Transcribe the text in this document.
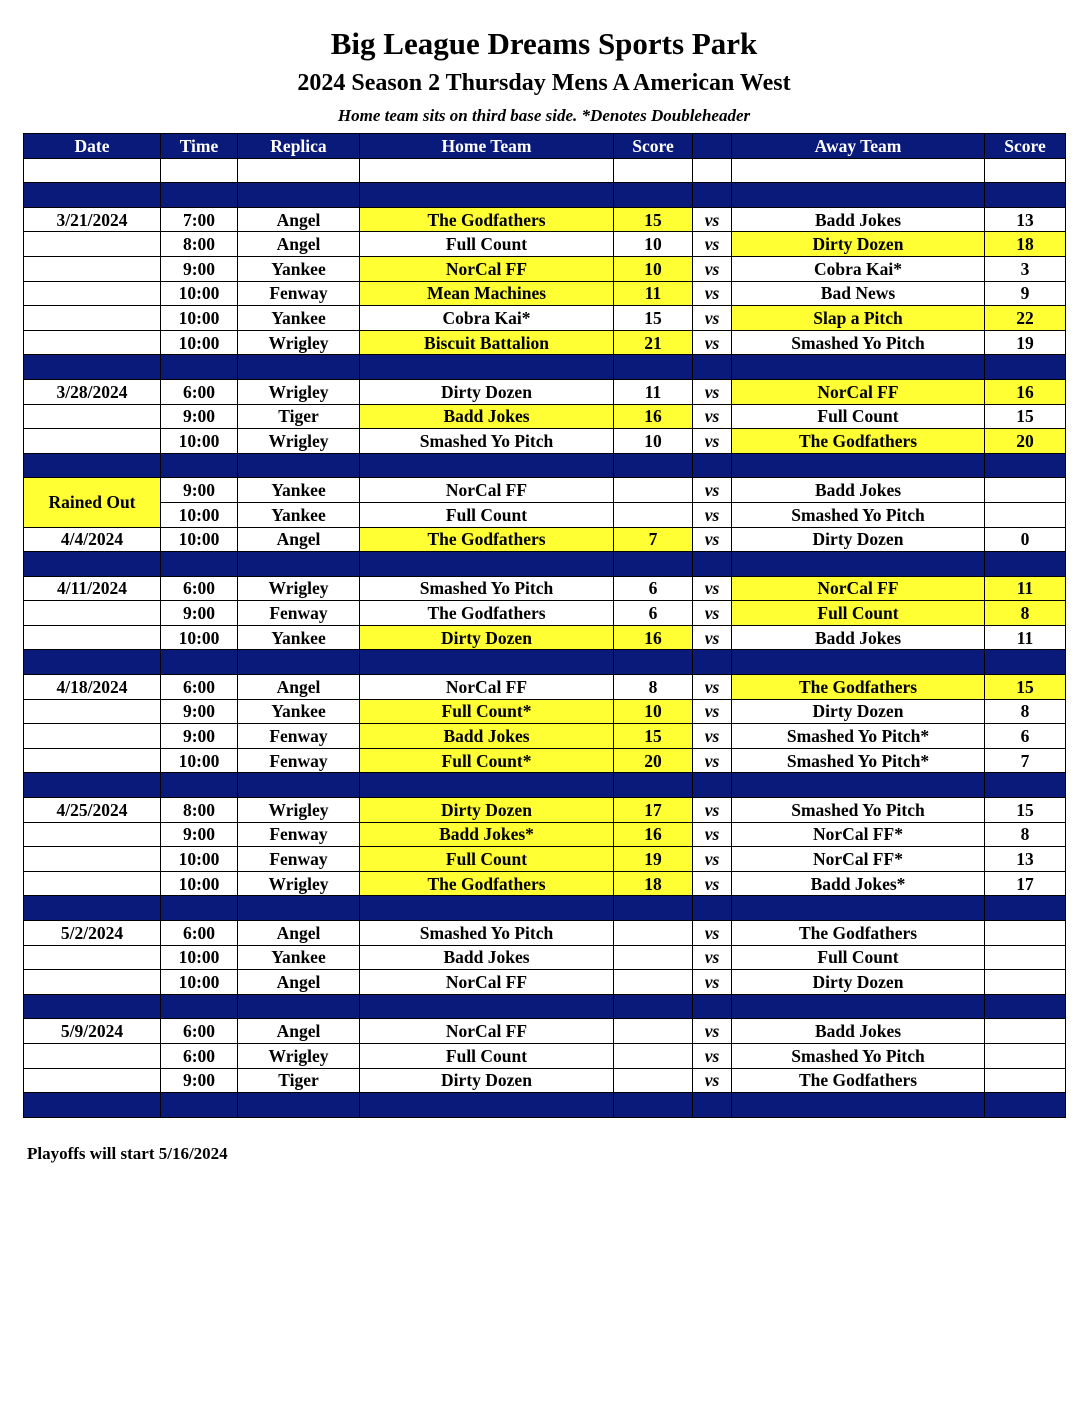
Big League Dreams Sports Park
2024 Season 2 Thursday Mens A American West
Home team sits on third base side. *Denotes Doubleheader
Date	Time	Replica	Home Team	Score		Away Team	Score

3/21/2024	7:00	Angel	The Godfathers	15	vs	Badd Jokes	13
	8:00	Angel	Full Count	10	vs	Dirty Dozen	18
	9:00	Yankee	NorCal FF	10	vs	Cobra Kai*	3
	10:00	Fenway	Mean Machines	11	vs	Bad News	9
	10:00	Yankee	Cobra Kai*	15	vs	Slap a Pitch	22
	10:00	Wrigley	Biscuit Battalion	21	vs	Smashed Yo Pitch	19

3/28/2024	6:00	Wrigley	Dirty Dozen	11	vs	NorCal FF	16
	9:00	Tiger	Badd Jokes	16	vs	Full Count	15
	10:00	Wrigley	Smashed Yo Pitch	10	vs	The Godfathers	20

Rained Out	9:00	Yankee	NorCal FF		vs	Badd Jokes	
	10:00	Yankee	Full Count		vs	Smashed Yo Pitch	
4/4/2024	10:00	Angel	The Godfathers	7	vs	Dirty Dozen	0

4/11/2024	6:00	Wrigley	Smashed Yo Pitch	6	vs	NorCal FF	11
	9:00	Fenway	The Godfathers	6	vs	Full Count	8
	10:00	Yankee	Dirty Dozen	16	vs	Badd Jokes	11

4/18/2024	6:00	Angel	NorCal FF	8	vs	The Godfathers	15
	9:00	Yankee	Full Count*	10	vs	Dirty Dozen	8
	9:00	Fenway	Badd Jokes	15	vs	Smashed Yo Pitch*	6
	10:00	Fenway	Full Count*	20	vs	Smashed Yo Pitch*	7

4/25/2024	8:00	Wrigley	Dirty Dozen	17	vs	Smashed Yo Pitch	15
	9:00	Fenway	Badd Jokes*	16	vs	NorCal FF*	8
	10:00	Fenway	Full Count	19	vs	NorCal FF*	13
	10:00	Wrigley	The Godfathers	18	vs	Badd Jokes*	17

5/2/2024	6:00	Angel	Smashed Yo Pitch		vs	The Godfathers	
	10:00	Yankee	Badd Jokes		vs	Full Count	
	10:00	Angel	NorCal FF		vs	Dirty Dozen	

5/9/2024	6:00	Angel	NorCal FF		vs	Badd Jokes	
	6:00	Wrigley	Full Count		vs	Smashed Yo Pitch	
	9:00	Tiger	Dirty Dozen		vs	The Godfathers	

Playoffs will start 5/16/2024
